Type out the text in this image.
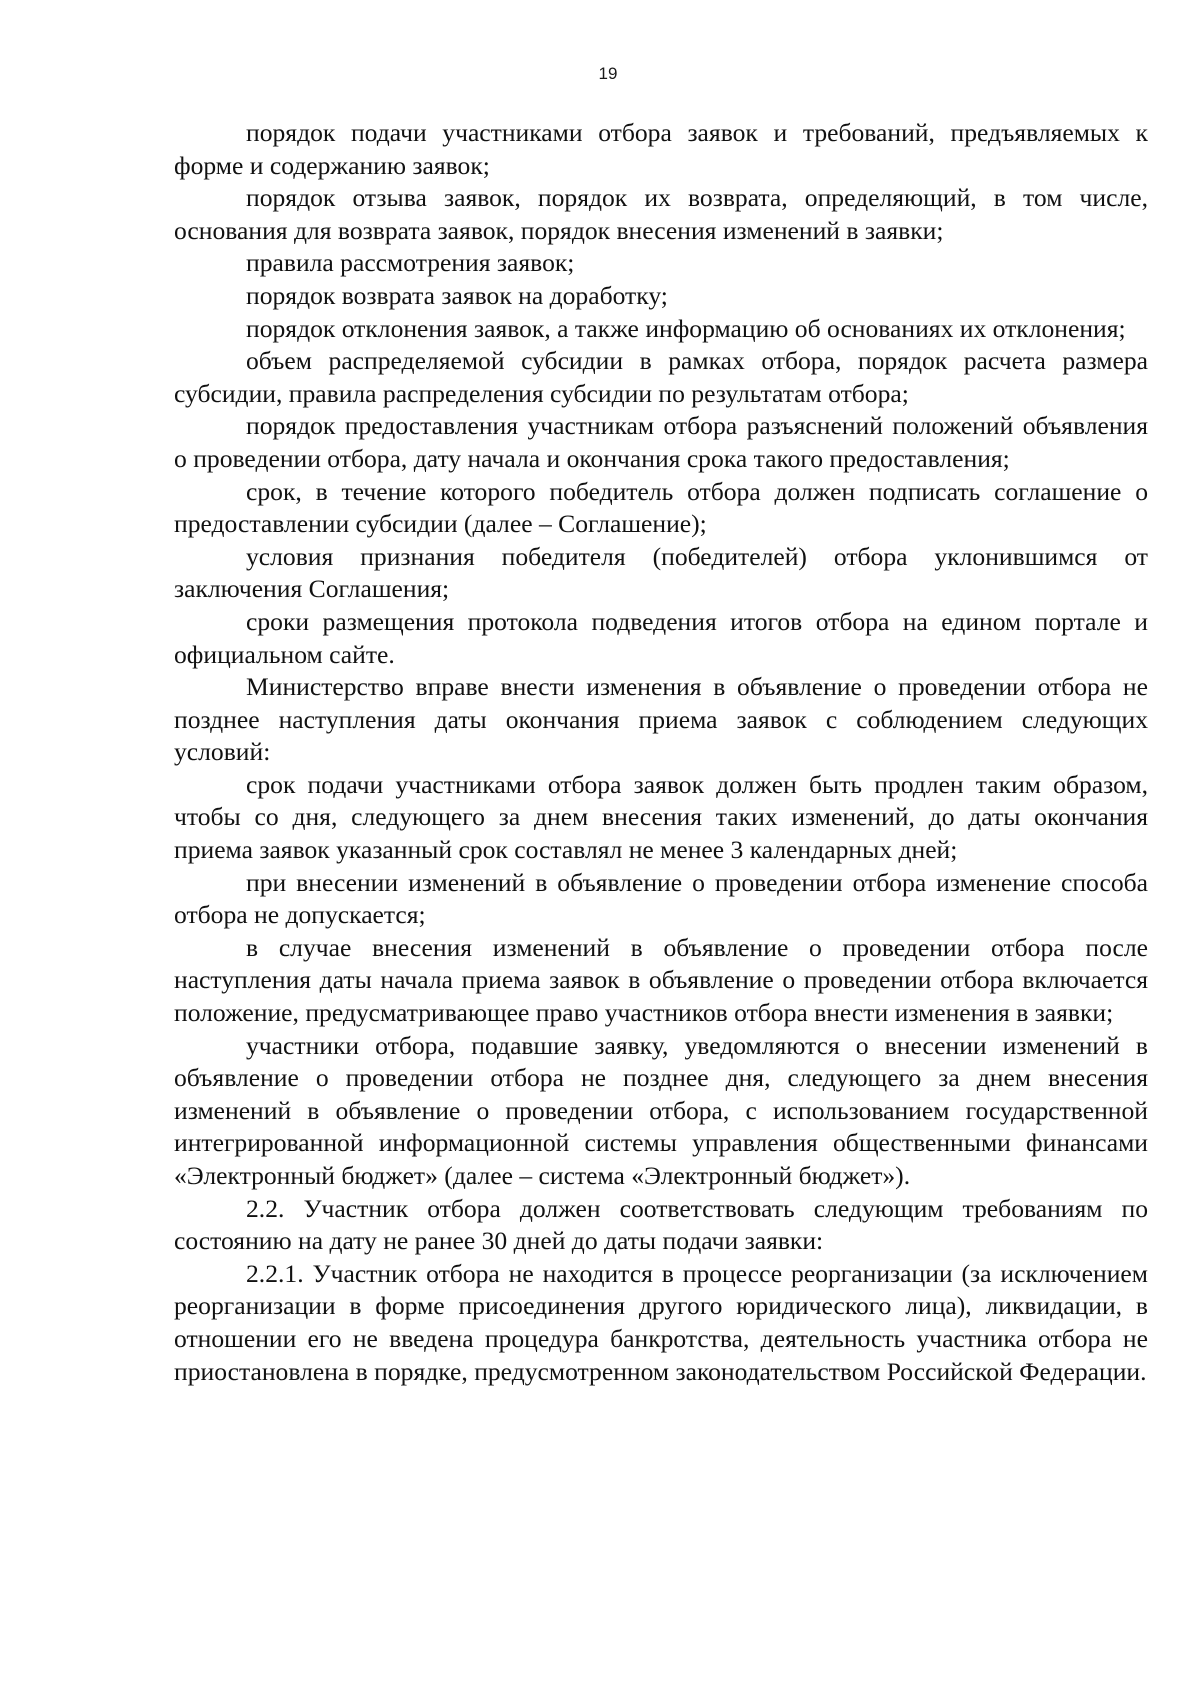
19

порядок подачи участниками отбора заявок и требований, предъявляемых к форме и содержанию заявок;

порядок отзыва заявок, порядок их возврата, определяющий, в том числе, основания для возврата заявок, порядок внесения изменений в заявки;

правила рассмотрения заявок;

порядок возврата заявок на доработку;

порядок отклонения заявок, а также информацию об основаниях их отклонения;

объем распределяемой субсидии в рамках отбора, порядок расчета размера субсидии, правила распределения субсидии по результатам отбора;

порядок предоставления участникам отбора разъяснений положений объявления о проведении отбора, дату начала и окончания срока такого предоставления;

срок, в течение которого победитель отбора должен подписать соглашение о предоставлении субсидии (далее – Соглашение);

условия признания победителя (победителей) отбора уклонившимся от заключения Соглашения;

сроки размещения протокола подведения итогов отбора на едином портале и официальном сайте.

Министерство вправе внести изменения в объявление о проведении отбора не позднее наступления даты окончания приема заявок с соблюдением следующих условий:

срок подачи участниками отбора заявок должен быть продлен таким образом, чтобы со дня, следующего за днем внесения таких изменений, до даты окончания приема заявок указанный срок составлял не менее 3 календарных дней;

при внесении изменений в объявление о проведении отбора изменение способа отбора не допускается;

в случае внесения изменений в объявление о проведении отбора после наступления даты начала приема заявок в объявление о проведении отбора включается положение, предусматривающее право участников отбора внести изменения в заявки;

участники отбора, подавшие заявку, уведомляются о внесении изменений в объявление о проведении отбора не позднее дня, следующего за днем внесения изменений в объявление о проведении отбора, с использованием государственной интегрированной информационной системы управления общественными финансами «Электронный бюджет» (далее – система «Электронный бюджет»).

2.2. Участник отбора должен соответствовать следующим требованиям по состоянию на дату не ранее 30 дней до даты подачи заявки:

2.2.1. Участник отбора не находится в процессе реорганизации (за исключением реорганизации в форме присоединения другого юридического лица), ликвидации, в отношении его не введена процедура банкротства, деятельность участника отбора не приостановлена в порядке, предусмотренном законодательством Российской Федерации.
